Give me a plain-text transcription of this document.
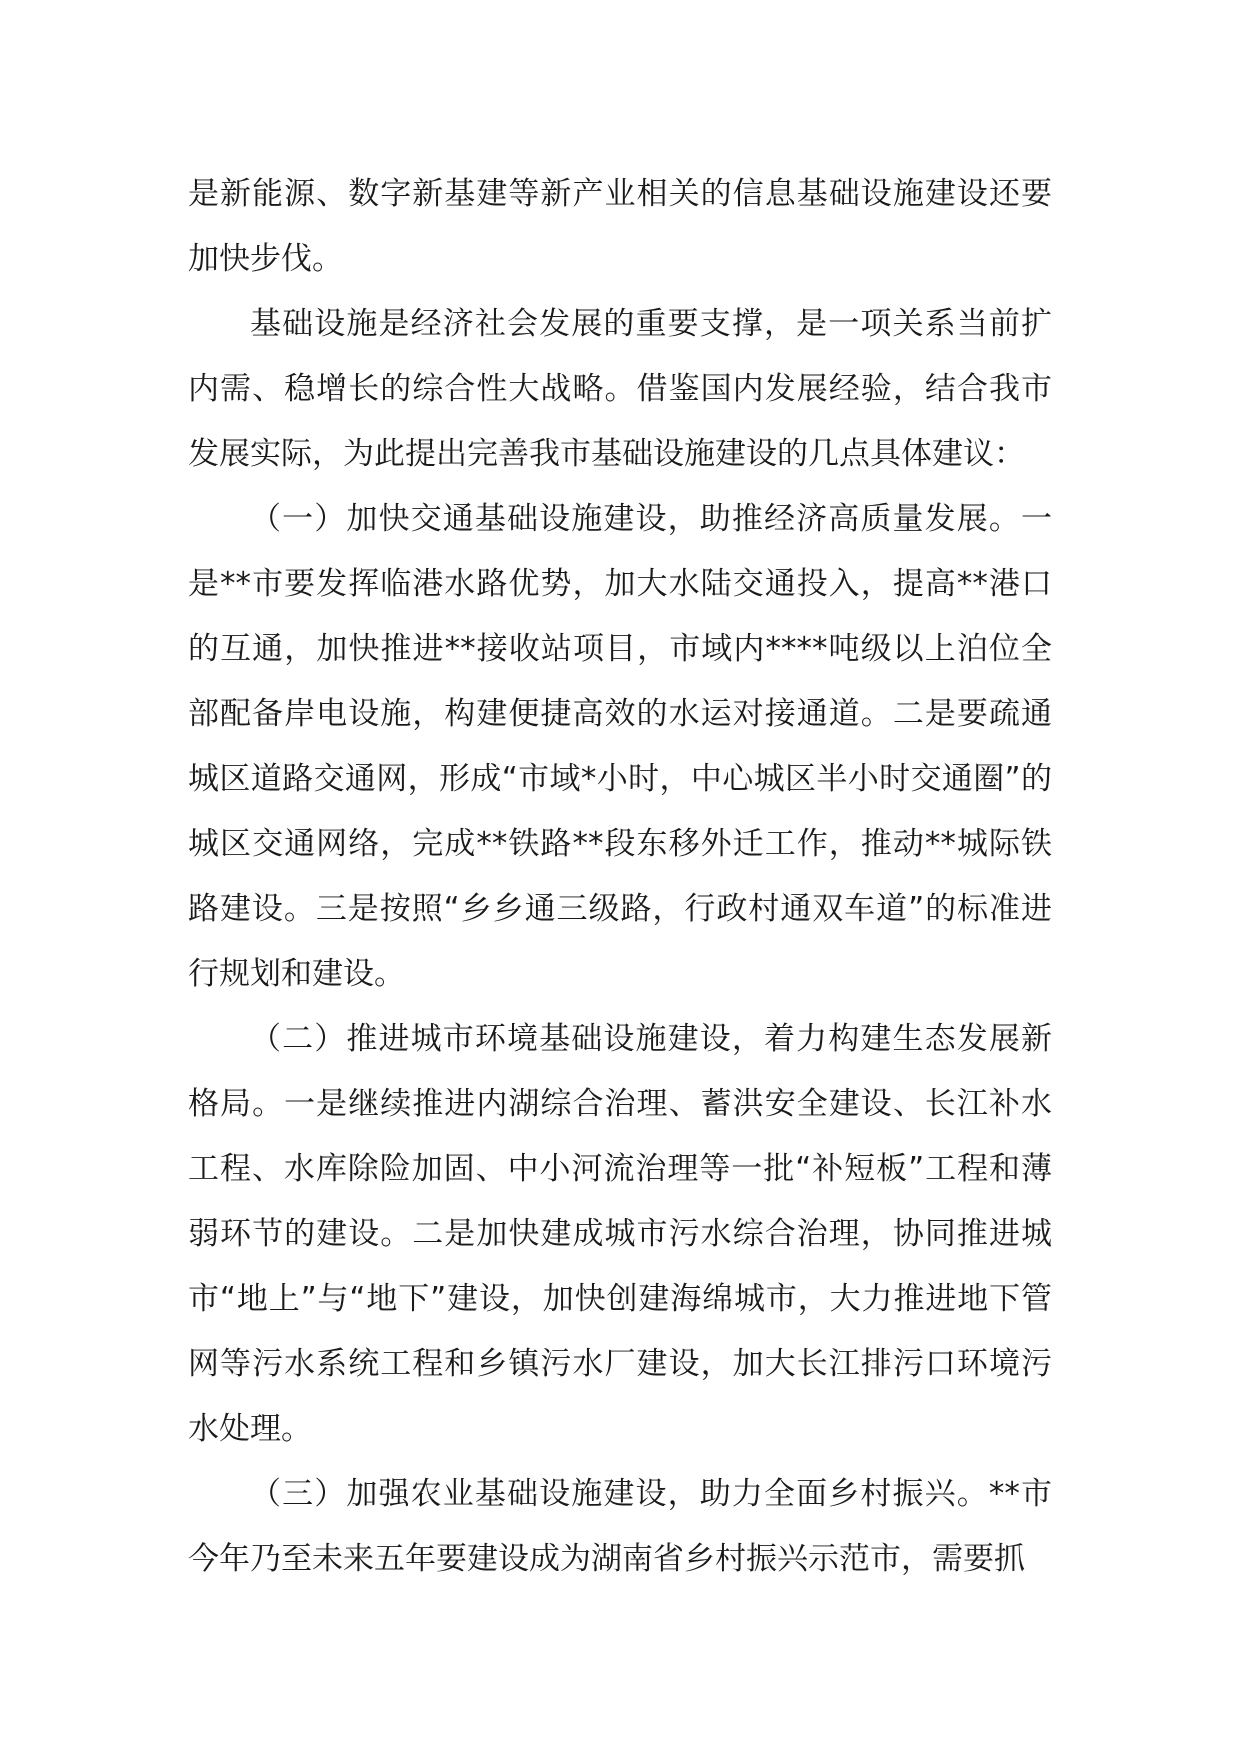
是新能源、数字新基建等新产业相关的信息基础设施建设还要加快步伐。

基础设施是经济社会发展的重要支撑，是一项关系当前扩内需、稳增长的综合性大战略。借鉴国内发展经验，结合我市发展实际，为此提出完善我市基础设施建设的几点具体建议：

（一）加快交通基础设施建设，助推经济高质量发展。一是**市要发挥临港水路优势，加大水陆交通投入，提高**港口的互通，加快推进**接收站项目，市域内****吨级以上泊位全部配备岸电设施，构建便捷高效的水运对接通道。二是要疏通城区道路交通网，形成“市域*小时，中心城区半小时交通圈”的城区交通网络，完成**铁路**段东移外迁工作，推动**城际铁路建设。三是按照“乡乡通三级路，行政村通双车道”的标准进行规划和建设。

（二）推进城市环境基础设施建设，着力构建生态发展新格局。一是继续推进内湖综合治理、蓄洪安全建设、长江补水工程、水库除险加固、中小河流治理等一批“补短板”工程和薄弱环节的建设。二是加快建成城市污水综合治理，协同推进城市“地上”与“地下”建设，加快创建海绵城市，大力推进地下管网等污水系统工程和乡镇污水厂建设，加大长江排污口环境污水处理。

（三）加强农业基础设施建设，助力全面乡村振兴。**市今年乃至未来五年要建设成为湖南省乡村振兴示范市，需要抓
